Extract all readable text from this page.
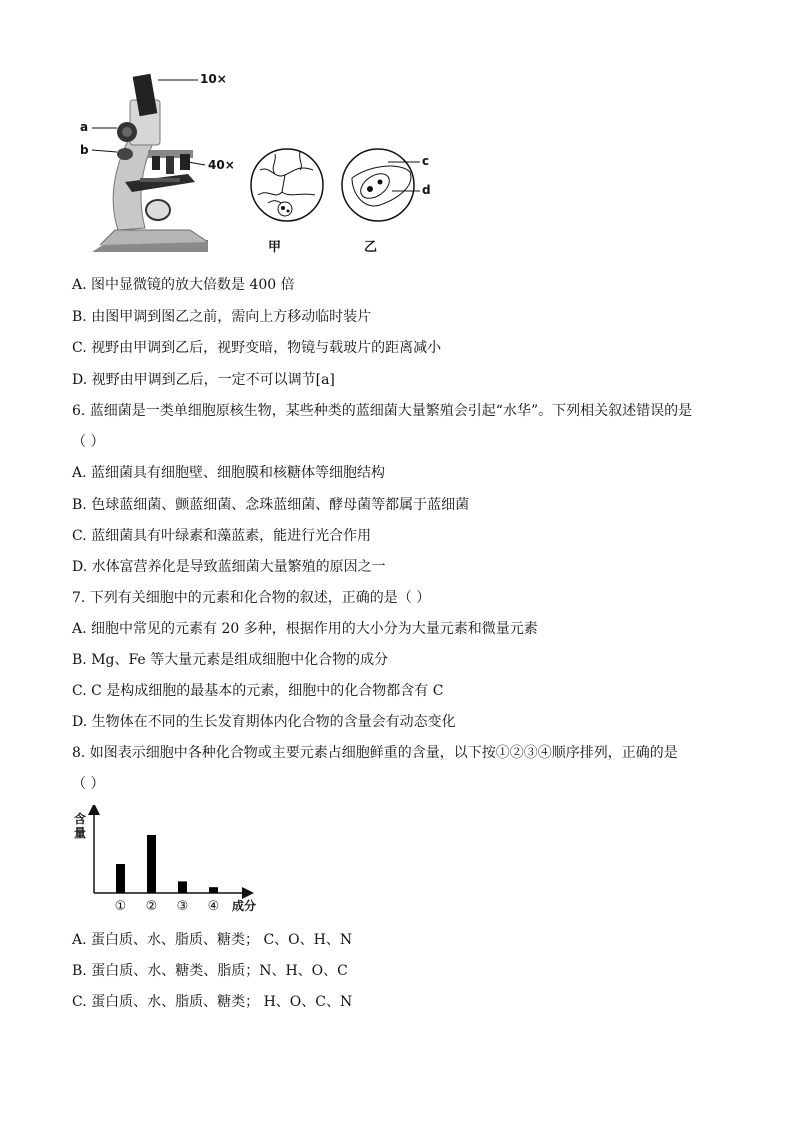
10×
40×
a
b
c
d
甲	乙
A. 图中显微镜的放大倍数是 400 倍
B. 由图甲调到图乙之前，需向上方移动临时装片
C. 视野由甲调到乙后，视野变暗，物镜与载玻片的距离减小
D. 视野由甲调到乙后，一定不可以调节[a]
6. 蓝细菌是一类单细胞原核生物，某些种类的蓝细菌大量繁殖会引起“水华”。下列相关叙述错误的是
（ ）
A. 蓝细菌具有细胞壁、细胞膜和核糖体等细胞结构
B. 色球蓝细菌、颤蓝细菌、念珠蓝细菌、酵母菌等都属于蓝细菌
C. 蓝细菌具有叶绿素和藻蓝素，能进行光合作用
D. 水体富营养化是导致蓝细菌大量繁殖的原因之一
7. 下列有关细胞中的元素和化合物的叙述，正确的是（ ）
A. 细胞中常见的元素有 20 多种，根据作用的大小分为大量元素和微量元素
B. Mg、Fe 等大量元素是组成细胞中化合物的成分
C. C 是构成细胞的最基本的元素，细胞中的化合物都含有 C
D. 生物体在不同的生长发育期体内化合物的含量会有动态变化
8. 如图表示细胞中各种化合物或主要元素占细胞鲜重的含量，以下按①②③④顺序排列，正确的是
（ ）
① ② ③ ④
含
量
成分
A. 蛋白质、水、脂质、糖类； C、O、H、N
B. 蛋白质、水、糖类、脂质；N、H、O、C
C. 蛋白质、水、脂质、糖类； H、O、C、N
